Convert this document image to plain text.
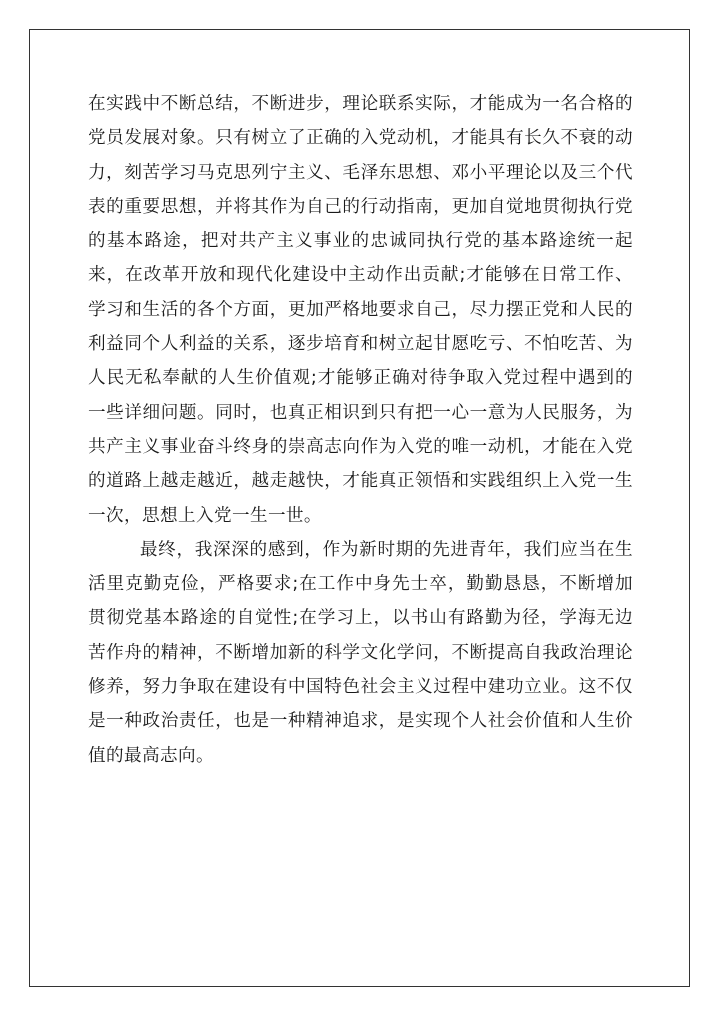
在实践中不断总结，不断进步，理论联系实际，才能成为一名合格的党员发展对象。只有树立了正确的入党动机，才能具有长久不衰的动力，刻苦学习马克思列宁主义、毛泽东思想、邓小平理论以及三个代表的重要思想，并将其作为自己的行动指南，更加自觉地贯彻执行党的基本路途，把对共产主义事业的忠诚同执行党的基本路途统一起来，在改革开放和现代化建设中主动作出贡献;才能够在日常工作、学习和生活的各个方面，更加严格地要求自己，尽力摆正党和人民的利益同个人利益的关系，逐步培育和树立起甘愿吃亏、不怕吃苦、为人民无私奉献的人生价值观;才能够正确对待争取入党过程中遇到的一些详细问题。同时，也真正相识到只有把一心一意为人民服务，为共产主义事业奋斗终身的崇高志向作为入党的唯一动机，才能在入党的道路上越走越近，越走越快，才能真正领悟和实践组织上入党一生一次，思想上入党一生一世。

最终，我深深的感到，作为新时期的先进青年，我们应当在生活里克勤克俭，严格要求;在工作中身先士卒，勤勤恳恳，不断增加贯彻党基本路途的自觉性;在学习上，以书山有路勤为径，学海无边苦作舟的精神，不断增加新的科学文化学问，不断提高自我政治理论修养，努力争取在建设有中国特色社会主义过程中建功立业。这不仅是一种政治责任，也是一种精神追求，是实现个人社会价值和人生价值的最高志向。
